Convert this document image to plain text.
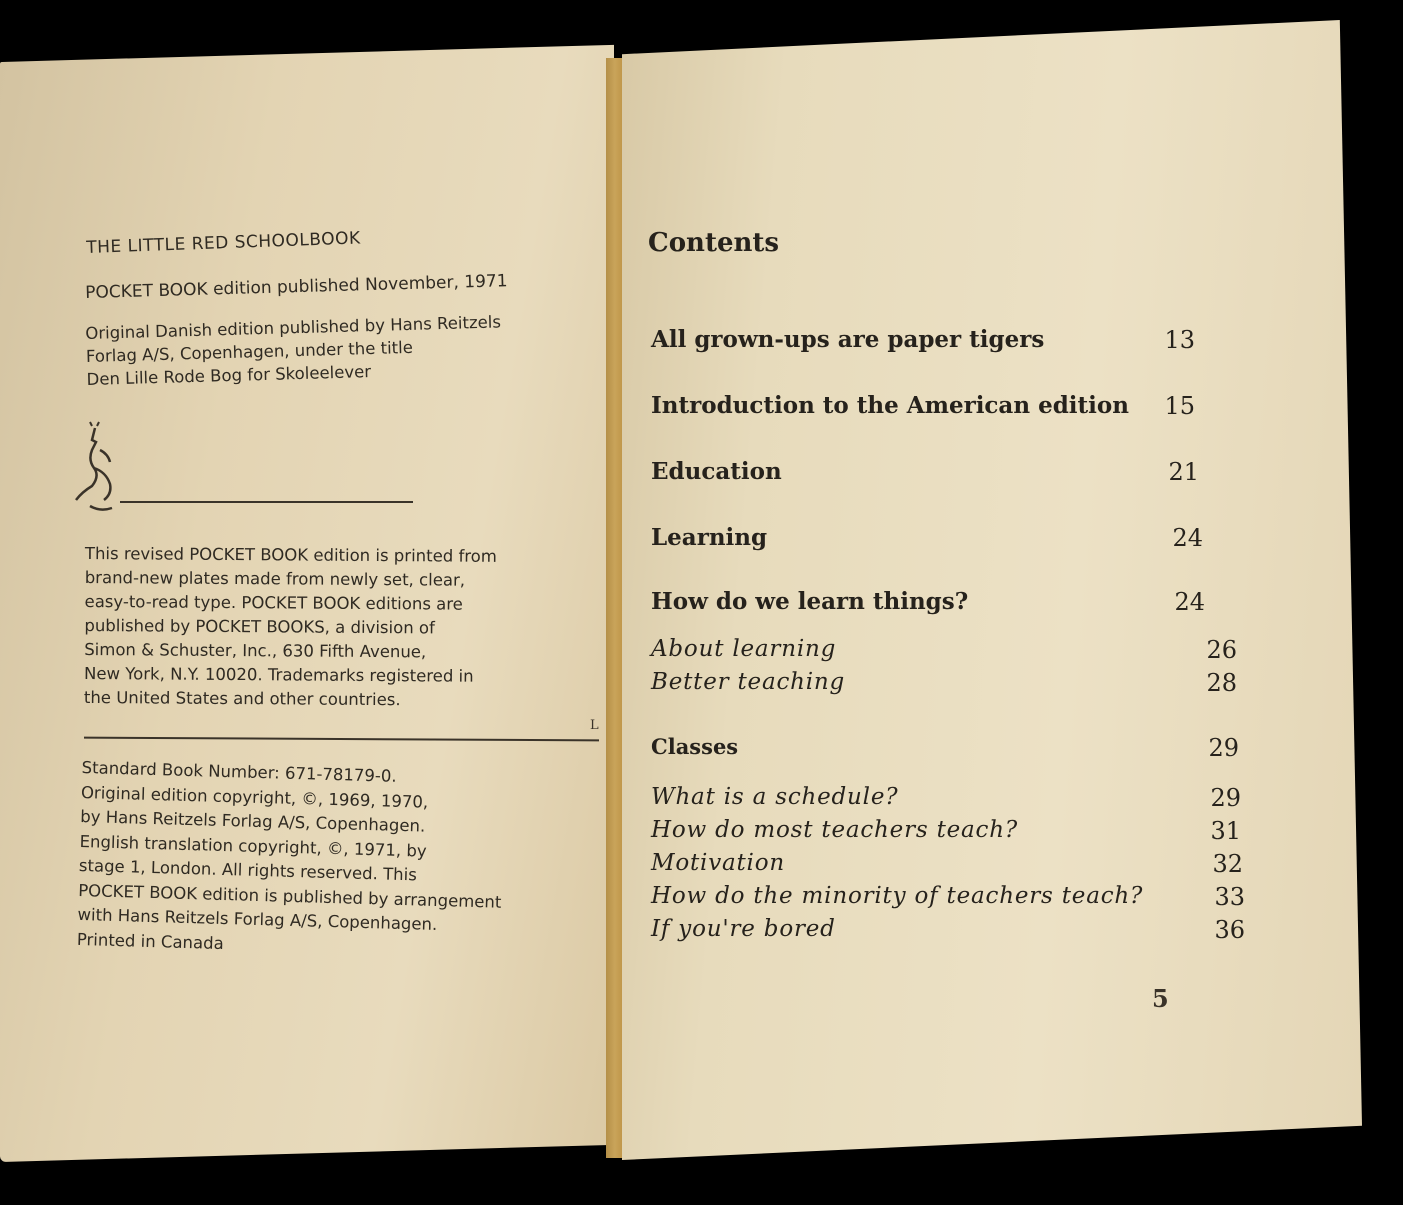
THE LITTLE RED SCHOOLBOOK
POCKET BOOK edition published November, 1971
Original Danish edition published by Hans Reitzels
Forlag A/S, Copenhagen, under the title
Den Lille Rode Bog for Skoleelever
This revised POCKET BOOK edition is printed from
brand-new plates made from newly set, clear,
easy-to-read type. POCKET BOOK editions are
published by POCKET BOOKS, a division of
Simon & Schuster, Inc., 630 Fifth Avenue,
New York, N.Y. 10020. Trademarks registered in
the United States and other countries.
L
Standard Book Number: 671-78179-0.
Original edition copyright, ©, 1969, 1970,
by Hans Reitzels Forlag A/S, Copenhagen.
English translation copyright, ©, 1971, by
stage 1, London. All rights reserved. This
POCKET BOOK edition is published by arrangement
with Hans Reitzels Forlag A/S, Copenhagen.
Printed in Canada
Contents
All grown-ups are paper tigers	13
Introduction to the American edition 15
Education	21
Learning	24
How do we learn things?	24
About learning	26
Better teaching	28
Classes	29
What is a schedule?	29
How do most teachers teach?	31
Motivation	32
How do the minority of teachers teach?	33
If you're bored	36
5
